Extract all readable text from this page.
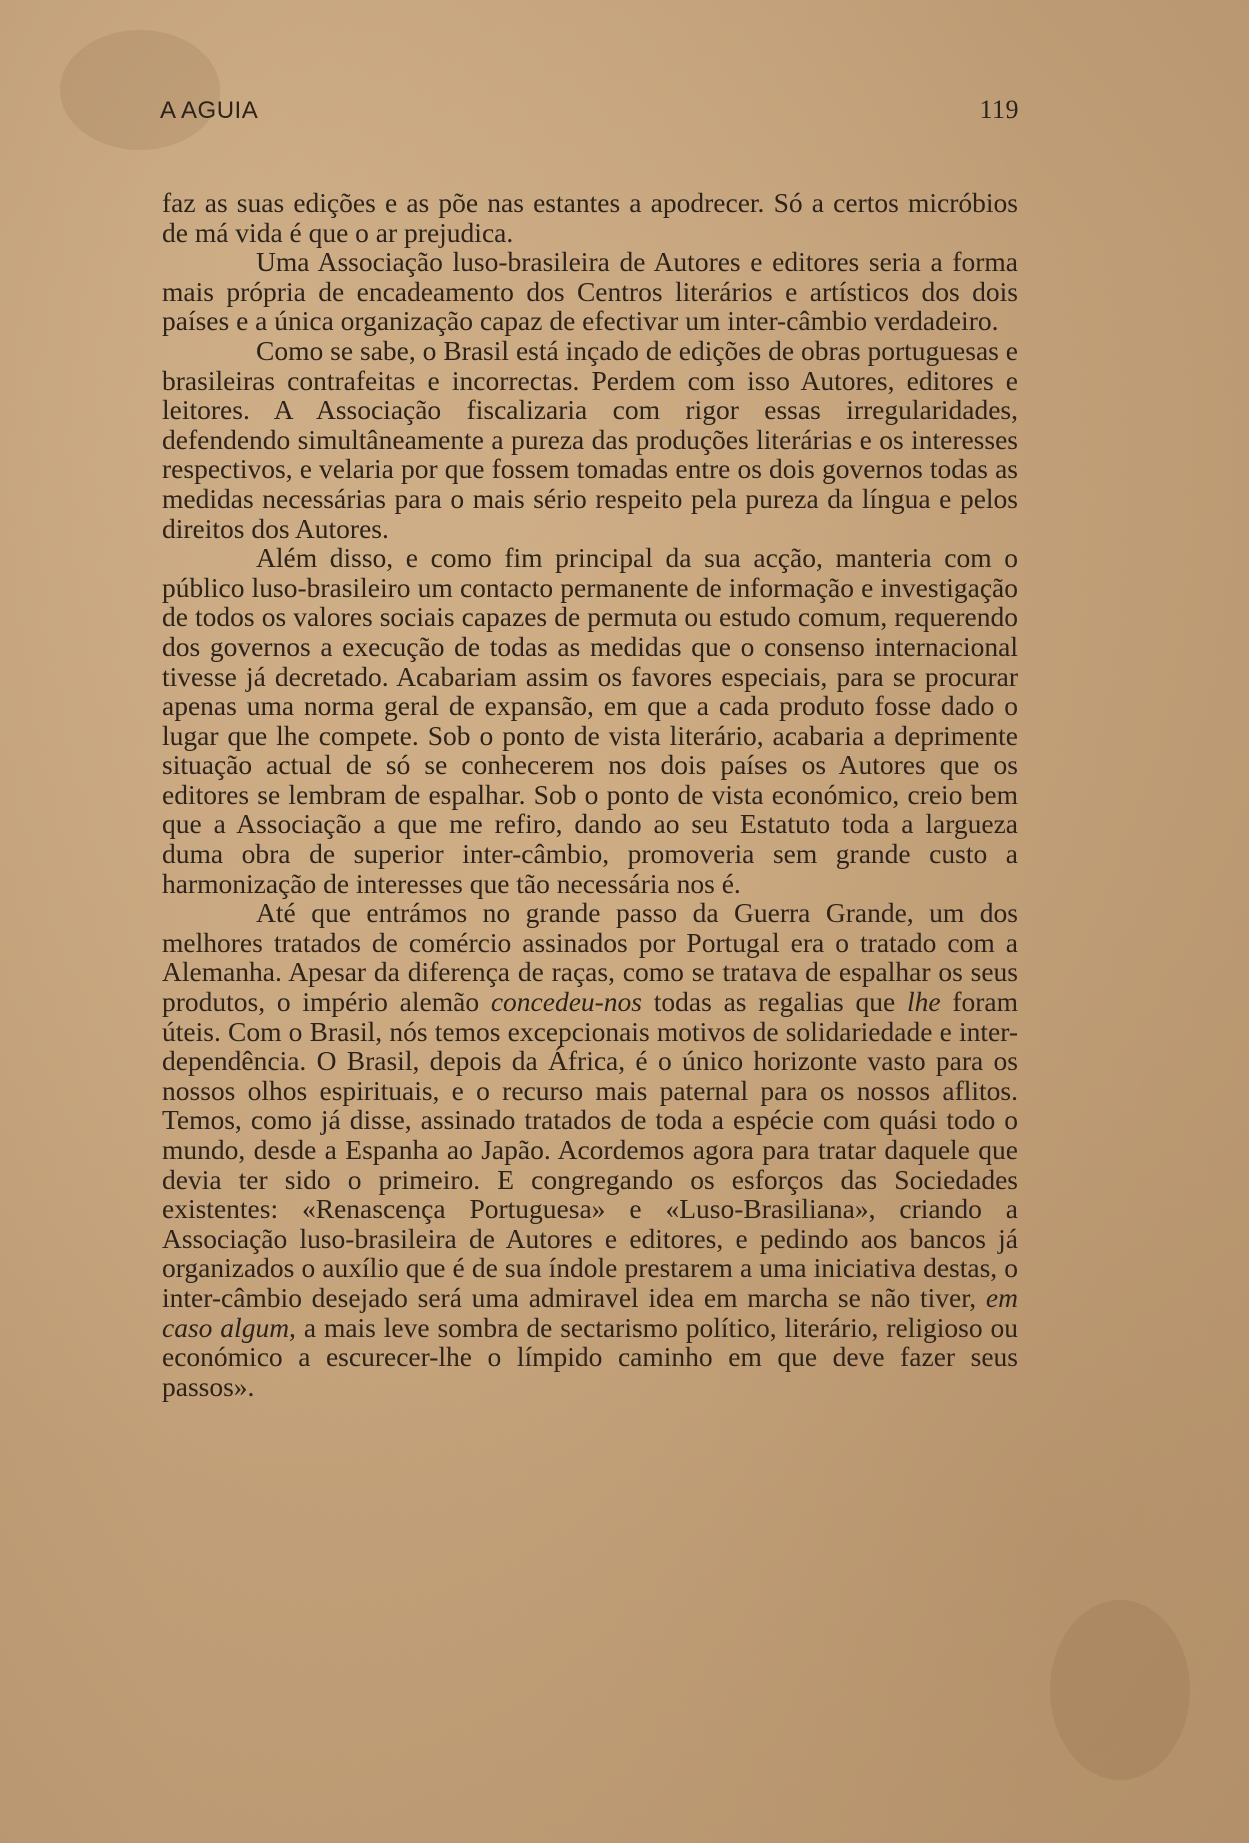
A AGUIA	119

faz as suas edições e as põe nas estantes a apodrecer. Só a certos micróbios de má vida é que o ar prejudica.

Uma Associação luso-brasileira de Autores e editores seria a forma mais própria de encadeamento dos Centros literários e artísticos dos dois países e a única organização capaz de efectivar um inter-câmbio verdadeiro.

Como se sabe, o Brasil está inçado de edições de obras portuguesas e brasileiras contrafeitas e incorrectas. Perdem com isso Autores, editores e leitores. A Associação fiscalizaria com rigor essas irregularidades, defendendo simultâneamente a pureza das produções literárias e os interesses respectivos, e velaria por que fossem tomadas entre os dois governos todas as medidas necessárias para o mais sério respeito pela pureza da língua e pelos direitos dos Autores.

Além disso, e como fim principal da sua acção, manteria com o público luso-brasileiro um contacto permanente de informação e investigação de todos os valores sociais capazes de permuta ou estudo comum, requerendo dos governos a execução de todas as medidas que o consenso internacional tivesse já decretado. Acabariam assim os favores especiais, para se procurar apenas uma norma geral de expansão, em que a cada produto fosse dado o lugar que lhe compete. Sob o ponto de vista literário, acabaria a deprimente situação actual de só se conhecerem nos dois países os Autores que os editores se lembram de espalhar. Sob o ponto de vista económico, creio bem que a Associação a que me refiro, dando ao seu Estatuto toda a largueza duma obra de superior inter-câmbio, promoveria sem grande custo a harmonização de interesses que tão necessária nos é.

Até que entrámos no grande passo da Guerra Grande, um dos melhores tratados de comércio assinados por Portugal era o tratado com a Alemanha. Apesar da diferença de raças, como se tratava de espalhar os seus produtos, o império alemão concedeu-nos todas as regalias que lhe foram úteis. Com o Brasil, nós temos excepcionais motivos de solidariedade e inter-dependência. O Brasil, depois da África, é o único horizonte vasto para os nossos olhos espirituais, e o recurso mais paternal para os nossos aflitos. Temos, como já disse, assinado tratados de toda a espécie com quási todo o mundo, desde a Espanha ao Japão. Acordemos agora para tratar daquele que devia ter sido o primeiro. E congregando os esforços das Sociedades existentes: «Renascença Portuguesa» e «Luso-Brasiliana», criando a Associação luso-brasileira de Autores e editores, e pedindo aos bancos já organizados o auxílio que é de sua índole prestarem a uma iniciativa destas, o inter-câmbio desejado será uma admiravel idea em marcha se não tiver, em caso algum, a mais leve sombra de sectarismo político, literário, religioso ou económico a escurecer-lhe o límpido caminho em que deve fazer seus passos».
